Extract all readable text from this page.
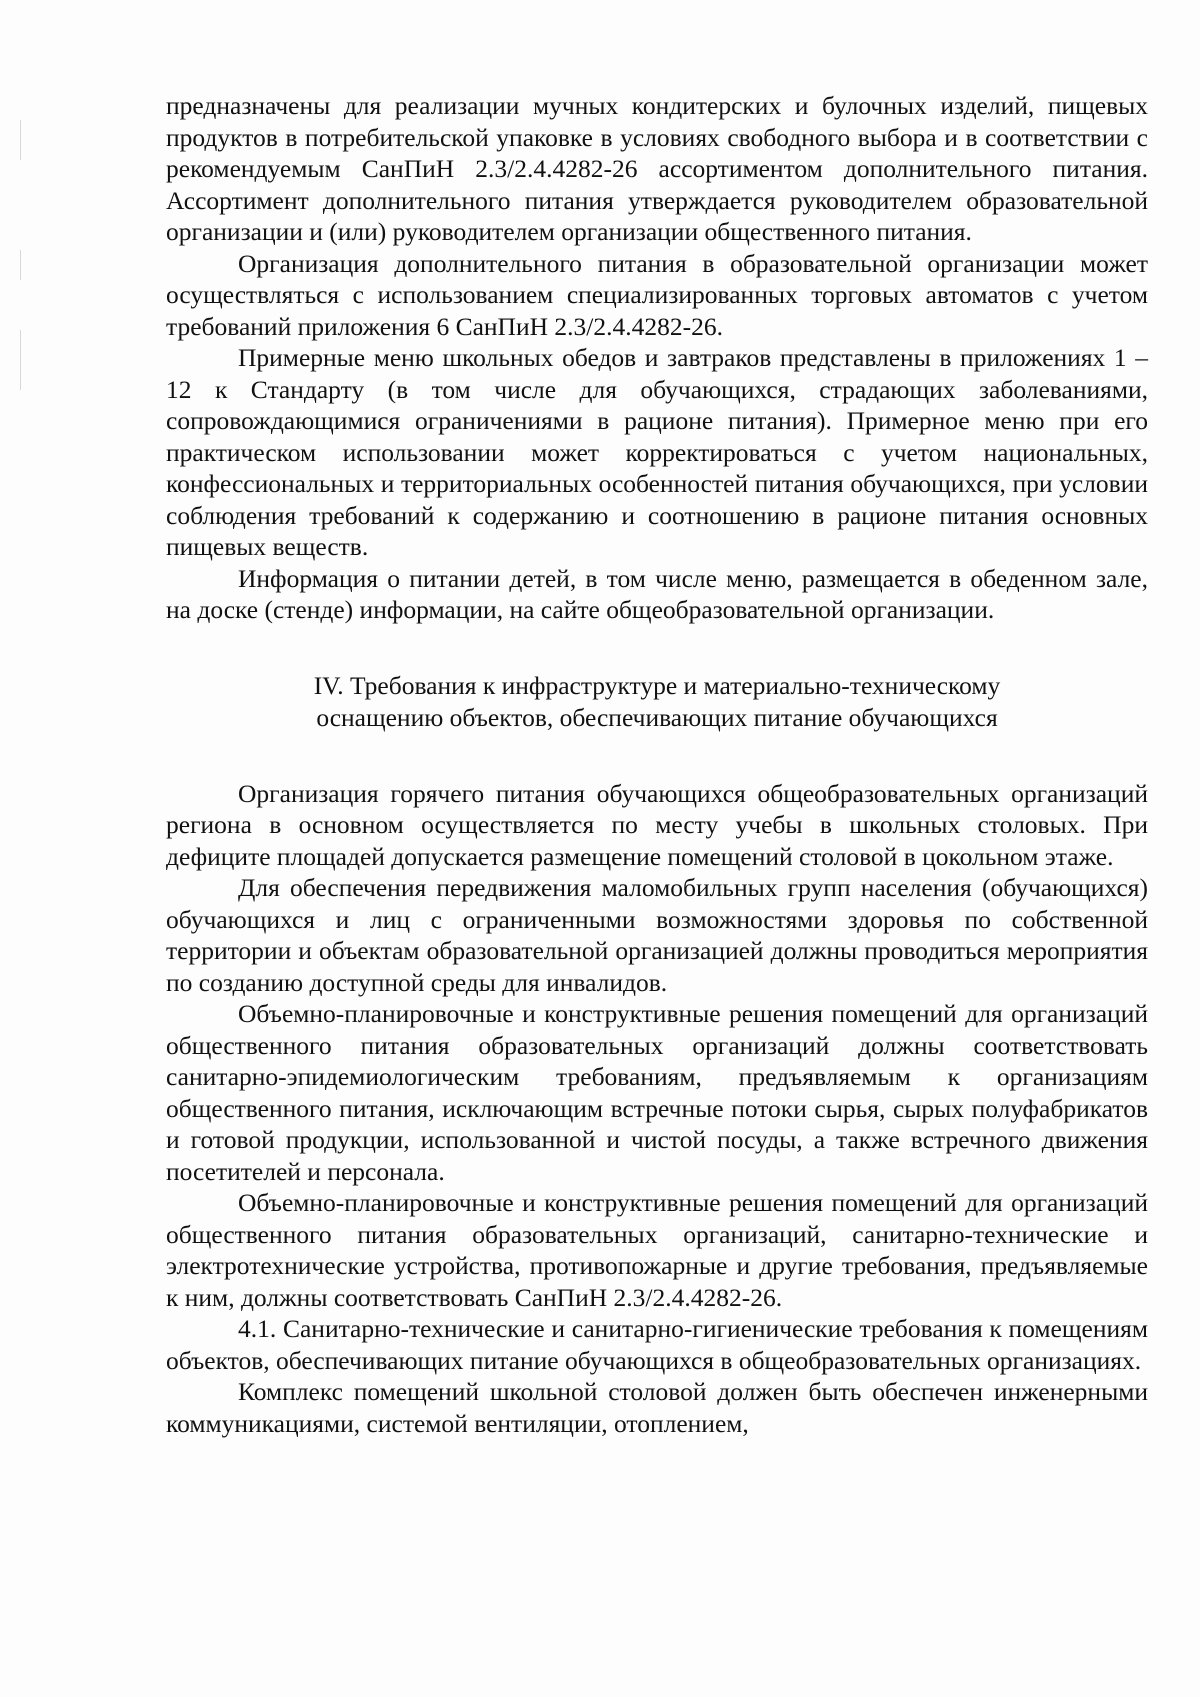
предназначены для реализации мучных кондитерских и булочных изделий, пищевых продуктов в потребительской упаковке в условиях свободного выбора и в соответствии с рекомендуемым СанПиН 2.3/2.4.4282-26 ассортиментом дополнительного питания. Ассортимент дополнительного питания утверждается руководителем образовательной организации и (или) руководителем организации общественного питания.

Организация дополнительного питания в образовательной организации может осуществляться с использованием специализированных торговых автоматов с учетом требований приложения 6 СанПиН 2.3/2.4.4282-26.

Примерные меню школьных обедов и завтраков представлены в приложениях 1 – 12 к Стандарту (в том числе для обучающихся, страдающих заболеваниями, сопровождающимися ограничениями в рационе питания). Примерное меню при его практическом использовании может корректироваться с учетом национальных, конфессиональных и территориальных особенностей питания обучающихся, при условии соблюдения требований к содержанию и соотношению в рационе питания основных пищевых веществ.

Информация о питании детей, в том числе меню, размещается в обеденном зале, на доске (стенде) информации, на сайте общеобразовательной организации.

IV. Требования к инфраструктуре и материально-техническому
оснащению объектов, обеспечивающих питание обучающихся

Организация горячего питания обучающихся общеобразовательных организаций региона в основном осуществляется по месту учебы в школьных столовых. При дефиците площадей допускается размещение помещений столовой в цокольном этаже.

Для обеспечения передвижения маломобильных групп населения (обучающихся) обучающихся и лиц с ограниченными возможностями здоровья по собственной территории и объектам образовательной организацией должны проводиться мероприятия по созданию доступной среды для инвалидов.

Объемно-планировочные и конструктивные решения помещений для организаций общественного питания образовательных организаций должны соответствовать санитарно-эпидемиологическим требованиям, предъявляемым к организациям общественного питания, исключающим встречные потоки сырья, сырых полуфабрикатов и готовой продукции, использованной и чистой посуды, а также встречного движения посетителей и персонала.

Объемно-планировочные и конструктивные решения помещений для организаций общественного питания образовательных организаций, санитарно-технические и электротехнические устройства, противопожарные и другие требования, предъявляемые к ним, должны соответствовать СанПиН 2.3/2.4.4282-26.

4.1. Санитарно-технические и санитарно-гигиенические требования к помещениям объектов, обеспечивающих питание обучающихся в общеобразовательных организациях.

Комплекс помещений школьной столовой должен быть обеспечен инженерными коммуникациями, системой вентиляции, отоплением,
